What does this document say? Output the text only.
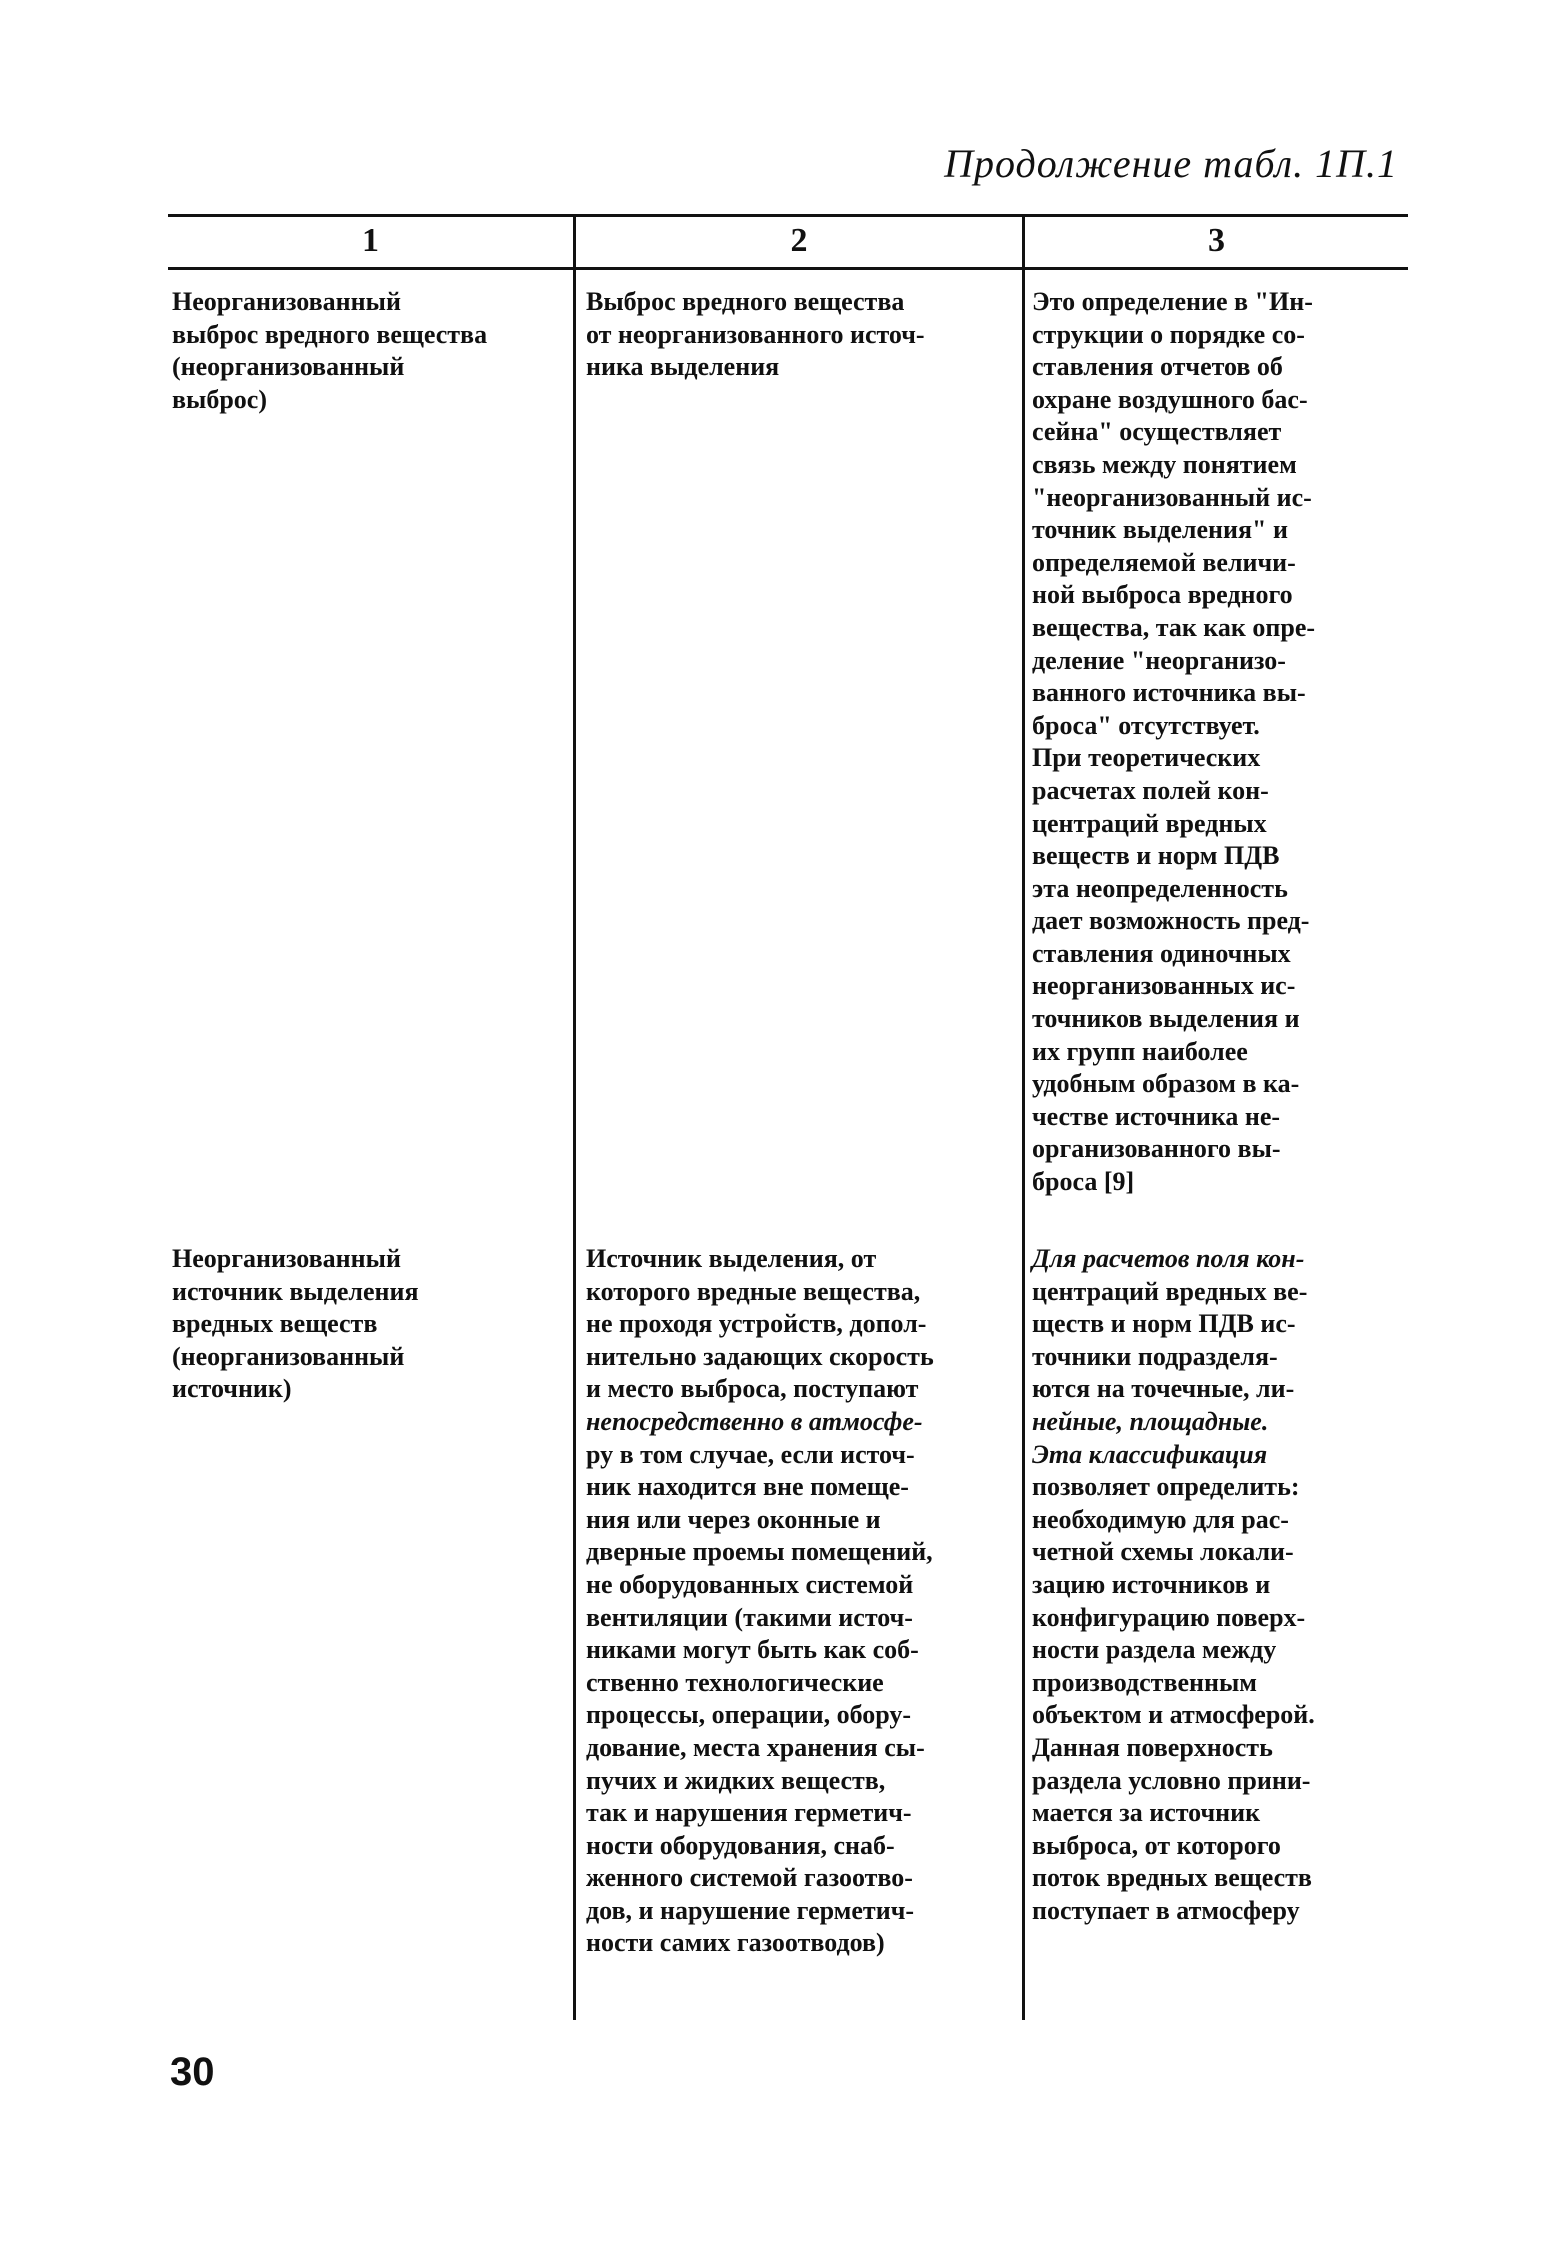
Продолжение табл. 1П.1
1	2	3
Неорганизованный
выброс вредного вещества
(неорганизованный
выброс)
Выброс вредного вещества
от неорганизованного источ-
ника выделения
Это определение в "Ин-
струкции о порядке со-
ставления отчетов об
охране воздушного бас-
сейна" осуществляет
связь между понятием
"неорганизованный ис-
точник выделения" и
определяемой величи-
ной выброса вредного
вещества, так как опре-
деление "неорганизо-
ванного источника вы-
броса" отсутствует.
При теоретических
расчетах полей кон-
центраций вредных
веществ и норм ПДВ
эта неопределенность
дает возможность пред-
ставления одиночных
неорганизованных ис-
точников выделения и
их групп наиболее
удобным образом в ка-
честве источника не-
организованного вы-
броса [9]
Неорганизованный
источник выделения
вредных веществ
(неорганизованный
источник)
Источник выделения, от
которого вредные вещества,
не проходя устройств, допол-
нительно задающих скорость
и место выброса, поступают
непосредственно в атмосфе-
ру в том случае, если источ-
ник находится вне помеще-
ния или через оконные и
дверные проемы помещений,
не оборудованных системой
вентиляции (такими источ-
никами могут быть как соб-
ственно технологические
процессы, операции, обору-
дование, места хранения сы-
пучих и жидких веществ,
так и нарушения герметич-
ности оборудования, снаб-
женного системой газоотво-
дов, и нарушение герметич-
ности самих газоотводов)
Для расчетов поля кон-
центраций вредных ве-
ществ и норм ПДВ ис-
точники подразделя-
ются на точечные, ли-
нейные, площадные.
Эта классификация
позволяет определить:
необходимую для рас-
четной схемы локали-
зацию источников и
конфигурацию поверх-
ности раздела между
производственным
объектом и атмосферой.
Данная поверхность
раздела условно прини-
мается за источник
выброса, от которого
поток вредных веществ
поступает в атмосферу
30
